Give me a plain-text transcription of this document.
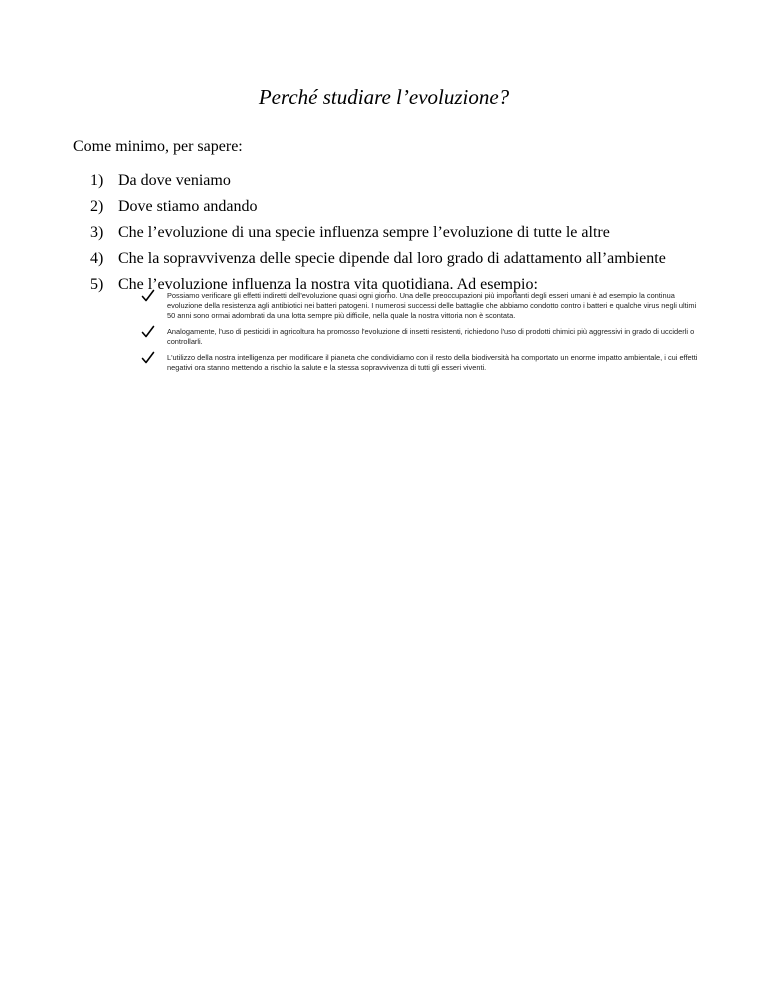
Perché studiare l’evoluzione?
Come minimo, per sapere:
1) Da dove veniamo
2) Dove stiamo andando
3) Che l’evoluzione di una specie influenza sempre l’evoluzione di tutte le altre
4) Che la sopravvivenza delle specie dipende dal loro grado di adattamento all’ambiente
5) Che l’evoluzione influenza la nostra vita quotidiana. Ad esempio:
Possiamo verificare gli effetti indiretti dell'evoluzione quasi ogni giorno. Una delle preoccupazioni più importanti degli esseri umani è ad esempio la continua evoluzione della resistenza agli antibiotici nei batteri patogeni. I numerosi successi delle battaglie che abbiamo condotto contro i batteri e qualche virus negli ultimi 50 anni sono ormai adombrati da una lotta sempre più difficile, nella quale la nostra vittoria non è scontata.
Analogamente, l'uso di pesticidi in agricoltura ha promosso l'evoluzione di insetti resistenti, richiedono l'uso di prodotti chimici più aggressivi in grado di ucciderli o controllarli.
L'utilizzo della nostra intelligenza per modificare il pianeta che condividiamo con il resto della biodiversità ha comportato un enorme impatto ambientale, i cui effetti negativi ora stanno mettendo a rischio la salute e la stessa sopravvivenza di tutti gli esseri viventi.
